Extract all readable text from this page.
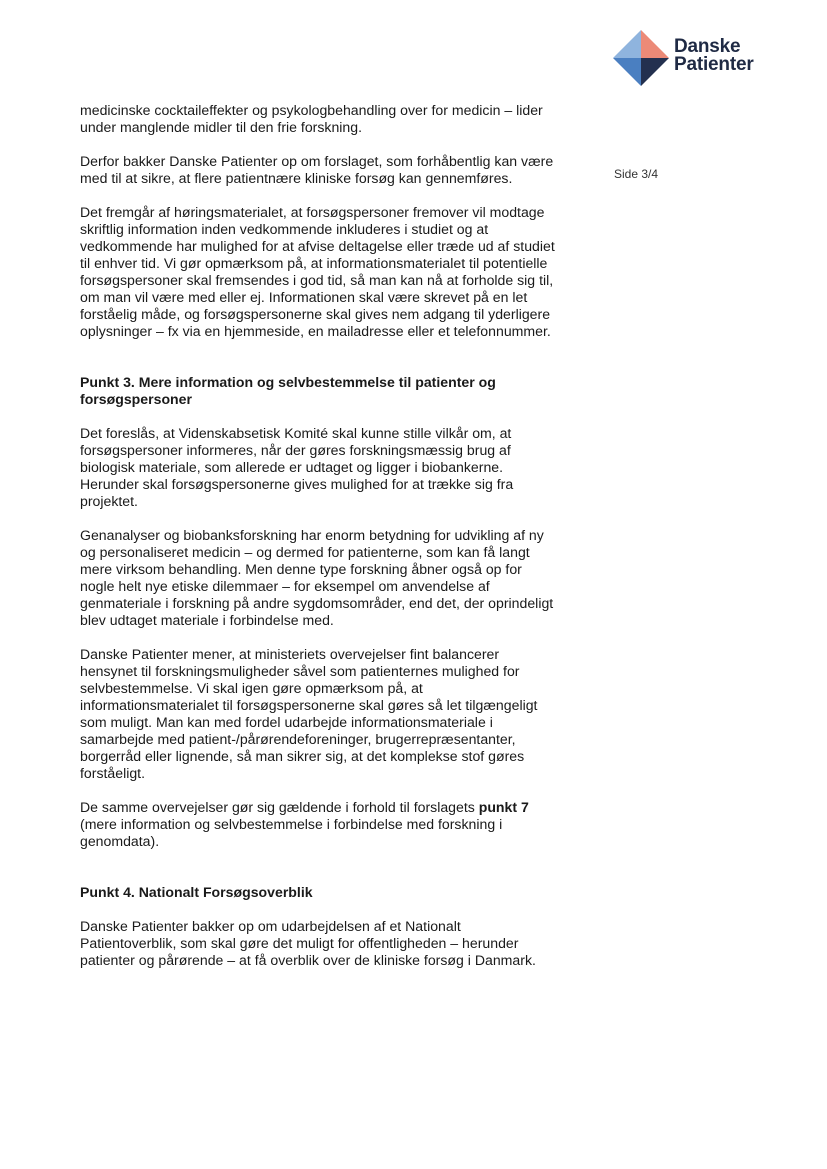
Danske
Patienter
Side 3/4

medicinske cocktaileffekter og psykologbehandling over for medicin – lider under manglende midler til den frie forskning.

Derfor bakker Danske Patienter op om forslaget, som forhåbentlig kan være med til at sikre, at flere patientnære kliniske forsøg kan gennemføres.

Det fremgår af høringsmaterialet, at forsøgspersoner fremover vil modtage skriftlig information inden vedkommende inkluderes i studiet og at vedkommende har mulighed for at afvise deltagelse eller træde ud af studiet til enhver tid. Vi gør opmærksom på, at informationsmaterialet til potentielle forsøgspersoner skal fremsendes i god tid, så man kan nå at forholde sig til, om man vil være med eller ej. Informationen skal være skrevet på en let forståelig måde, og forsøgspersonerne skal gives nem adgang til yderligere oplysninger – fx via en hjemmeside, en mailadresse eller et telefonnummer.

Punkt 3. Mere information og selvbestemmelse til patienter og forsøgspersoner

Det foreslås, at Videnskabsetisk Komité skal kunne stille vilkår om, at forsøgspersoner informeres, når der gøres forskningsmæssig brug af biologisk materiale, som allerede er udtaget og ligger i biobankerne. Herunder skal forsøgspersonerne gives mulighed for at trække sig fra projektet.

Genanalyser og biobanksforskning har enorm betydning for udvikling af ny og personaliseret medicin – og dermed for patienterne, som kan få langt mere virksom behandling. Men denne type forskning åbner også op for nogle helt nye etiske dilemmaer – for eksempel om anvendelse af genmateriale i forskning på andre sygdomsområder, end det, der oprindeligt blev udtaget materiale i forbindelse med.

Danske Patienter mener, at ministeriets overvejelser fint balancerer hensynet til forskningsmuligheder såvel som patienternes mulighed for selvbestemmelse. Vi skal igen gøre opmærksom på, at informationsmaterialet til forsøgspersonerne skal gøres så let tilgængeligt som muligt. Man kan med fordel udarbejde informationsmateriale i samarbejde med patient-/pårørendeforeninger, brugerrepræsentanter, borgerråd eller lignende, så man sikrer sig, at det komplekse stof gøres forståeligt.

De samme overvejelser gør sig gældende i forhold til forslagets punkt 7 (mere information og selvbestemmelse i forbindelse med forskning i genomdata).

Punkt 4. Nationalt Forsøgsoverblik

Danske Patienter bakker op om udarbejdelsen af et Nationalt Patientoverblik, som skal gøre det muligt for offentligheden – herunder patienter og pårørende – at få overblik over de kliniske forsøg i Danmark.
